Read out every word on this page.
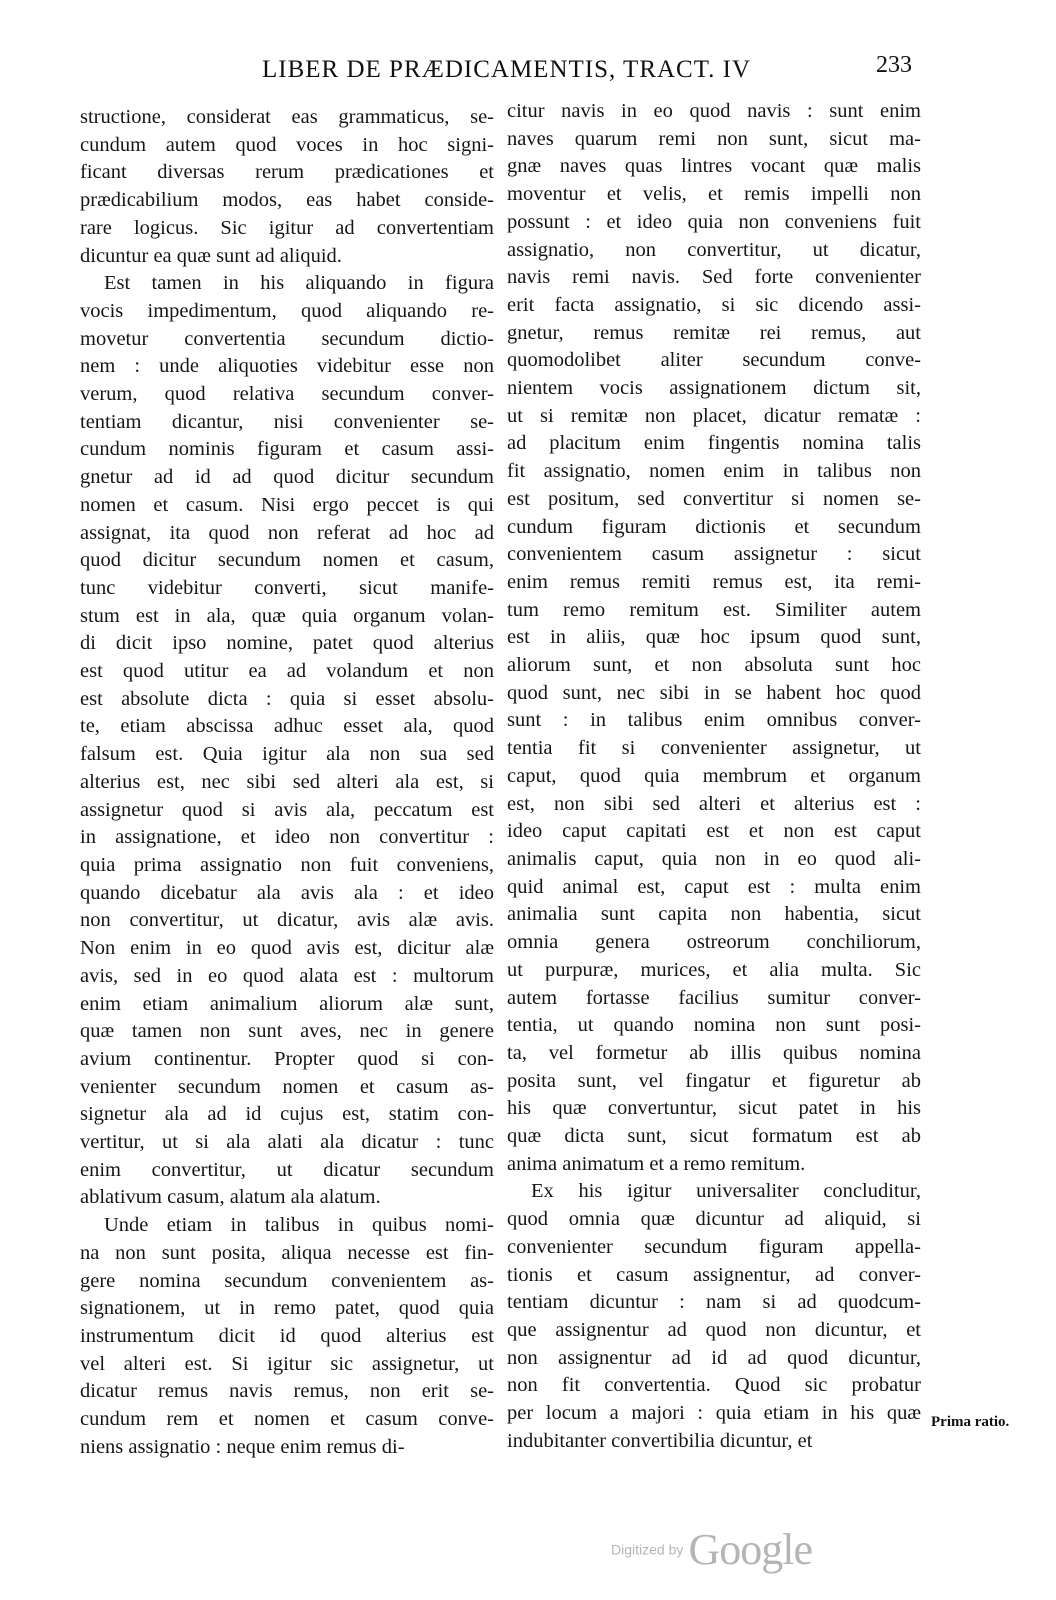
LIBER DE PRÆDICAMENTIS, TRACT. IV	233
structione, considerat eas grammaticus, se-
cundum autem quod voces in hoc signi-
ficant diversas rerum prædicationes et
prædicabilium modos, eas habet conside-
rare logicus. Sic igitur ad convertentiam
dicuntur ea quæ sunt ad aliquid.
Est tamen in his aliquando in figura
vocis impedimentum, quod aliquando re-
movetur convertentia secundum dictio-
nem : unde aliquoties videbitur esse non
verum, quod relativa secundum conver-
tentiam dicantur, nisi convenienter se-
cundum nominis figuram et casum assi-
gnetur ad id ad quod dicitur secundum
nomen et casum. Nisi ergo peccet is qui
assignat, ita quod non referat ad hoc ad
quod dicitur secundum nomen et casum,
tunc videbitur converti, sicut manife-
stum est in ala, quæ quia organum volan-
di dicit ipso nomine, patet quod alterius
est quod utitur ea ad volandum et non
est absolute dicta : quia si esset absolu-
te, etiam abscissa adhuc esset ala, quod
falsum est. Quia igitur ala non sua sed
alterius est, nec sibi sed alteri ala est, si
assignetur quod si avis ala, peccatum est
in assignatione, et ideo non convertitur :
quia prima assignatio non fuit conveniens,
quando dicebatur ala avis ala : et ideo
non convertitur, ut dicatur, avis alæ avis.
Non enim in eo quod avis est, dicitur alæ
avis, sed in eo quod alata est : multorum
enim etiam animalium aliorum alæ sunt,
quæ tamen non sunt aves, nec in genere
avium continentur. Propter quod si con-
venienter secundum nomen et casum as-
signetur ala ad id cujus est, statim con-
vertitur, ut si ala alati ala dicatur : tunc
enim convertitur, ut dicatur secundum
ablativum casum, alatum ala alatum.
Unde etiam in talibus in quibus nomi-
na non sunt posita, aliqua necesse est fin-
gere nomina secundum convenientem as-
signationem, ut in remo patet, quod quia
instrumentum dicit id quod alterius est
vel alteri est. Si igitur sic assignetur, ut
dicatur remus navis remus, non erit se-
cundum rem et nomen et casum conve-
niens assignatio : neque enim remus di-
citur navis in eo quod navis : sunt enim
naves quarum remi non sunt, sicut ma-
gnæ naves quas lintres vocant quæ malis
moventur et velis, et remis impelli non
possunt : et ideo quia non conveniens fuit
assignatio, non convertitur, ut dicatur,
navis remi navis. Sed forte convenienter
erit facta assignatio, si sic dicendo assi-
gnetur, remus remitæ rei remus, aut
quomodolibet aliter secundum conve-
nientem vocis assignationem dictum sit,
ut si remitæ non placet, dicatur rematæ :
ad placitum enim fingentis nomina talis
fit assignatio, nomen enim in talibus non
est positum, sed convertitur si nomen se-
cundum figuram dictionis et secundum
convenientem casum assignetur : sicut
enim remus remiti remus est, ita remi-
tum remo remitum est. Similiter autem
est in aliis, quæ hoc ipsum quod sunt,
aliorum sunt, et non absoluta sunt hoc
quod sunt, nec sibi in se habent hoc quod
sunt : in talibus enim omnibus conver-
tentia fit si convenienter assignetur, ut
caput, quod quia membrum et organum
est, non sibi sed alteri et alterius est :
ideo caput capitati est et non est caput
animalis caput, quia non in eo quod ali-
quid animal est, caput est : multa enim
animalia sunt capita non habentia, sicut
omnia genera ostreorum conchiliorum,
ut purpuræ, murices, et alia multa. Sic
autem fortasse facilius sumitur conver-
tentia, ut quando nomina non sunt posi-
ta, vel formetur ab illis quibus nomina
posita sunt, vel fingatur et figuretur ab
his quæ convertuntur, sicut patet in his
quæ dicta sunt, sicut formatum est ab
anima animatum et a remo remitum.
Ex his igitur universaliter concluditur,
quod omnia quæ dicuntur ad aliquid, si
convenienter secundum figuram appella-
tionis et casum assignentur, ad conver-
tentiam dicuntur : nam si ad quodcum-
que assignentur ad quod non dicuntur, et
non assignentur ad id ad quod dicuntur,
non fit convertentia. Quod sic probatur
per locum a majori : quia etiam in his quæ
indubitanter convertibilia dicuntur, et
Prima ratio.
Digitized by Google
